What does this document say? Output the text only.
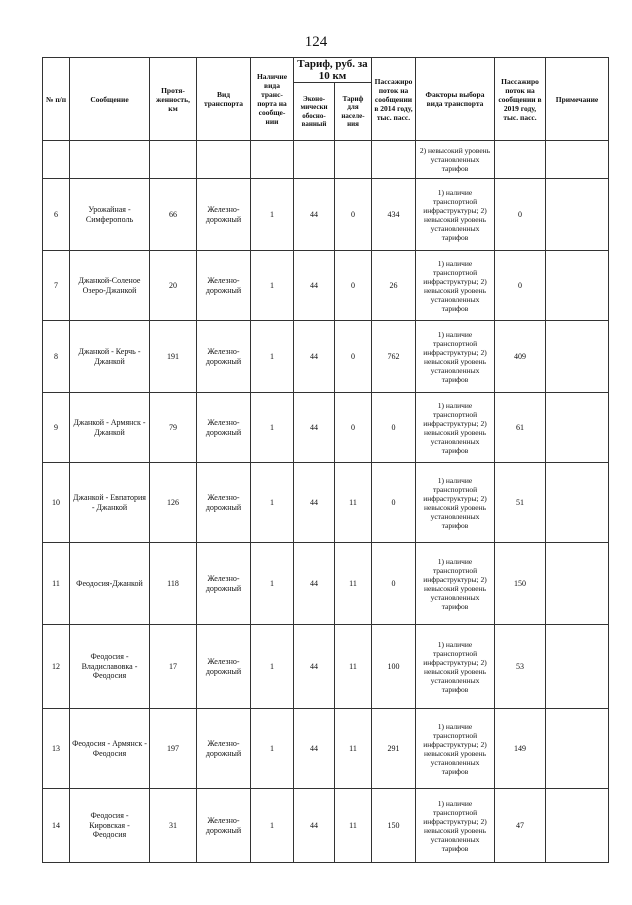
124
№ п/п	Сообщение	Протя-женность, км	Вид транспорта	Наличие вида транс-порта на сообще-нии	Тариф, руб. за 10 км		Пассажиро поток на сообщении в 2014 году, тыс. пасс.	Факторы выбора вида транспорта	Пассажиро поток на сообщении в 2019 году, тыс. пасс.	Примечание
					Эконо-мически обосно-ванный	Тариф для населе-ния				
								2) невысокий уровень установленных тарифов		
6	Урожайная - Симферополь	66	Железно-дорожный	1	44	0	434	1) наличие транспортной инфраструктуры; 2) невысокий уровень установленных тарифов	0	
7	Джанкой-Соленое Озеро-Джанкой	20	Железно-дорожный	1	44	0	26	1) наличие транспортной инфраструктуры; 2) невысокий уровень установленных тарифов	0	
8	Джанкой - Керчь - Джанкой	191	Железно-дорожный	1	44	0	762	1) наличие транспортной инфраструктуры; 2) невысокий уровень установленных тарифов	409	
9	Джанкой - Армянск - Джанкой	79	Железно-дорожный	1	44	0	0	1) наличие транспортной инфраструктуры; 2) невысокий уровень установленных тарифов	61	
10	Джанкой - Евпатория - Джанкой	126	Железно-дорожный	1	44	11	0	1) наличие транспортной инфраструктуры; 2) невысокий уровень установленных тарифов	51	
11	Феодосия-Джанкой	118	Железно-дорожный	1	44	11	0	1) наличие транспортной инфраструктуры; 2) невысокий уровень установленных тарифов	150	
12	Феодосия - Владиславовка - Феодосия	17	Железно-дорожный	1	44	11	100	1) наличие транспортной инфраструктуры; 2) невысокий уровень установленных тарифов	53	
13	Феодосия - Армянск - Феодосия	197	Железно-дорожный	1	44	11	291	1) наличие транспортной инфраструктуры; 2) невысокий уровень установленных тарифов	149	
14	Феодосия - Кировская - Феодосия	31	Железно-дорожный	1	44	11	150	1) наличие транспортной инфраструктуры; 2) невысокий уровень установленных тарифов	47	
